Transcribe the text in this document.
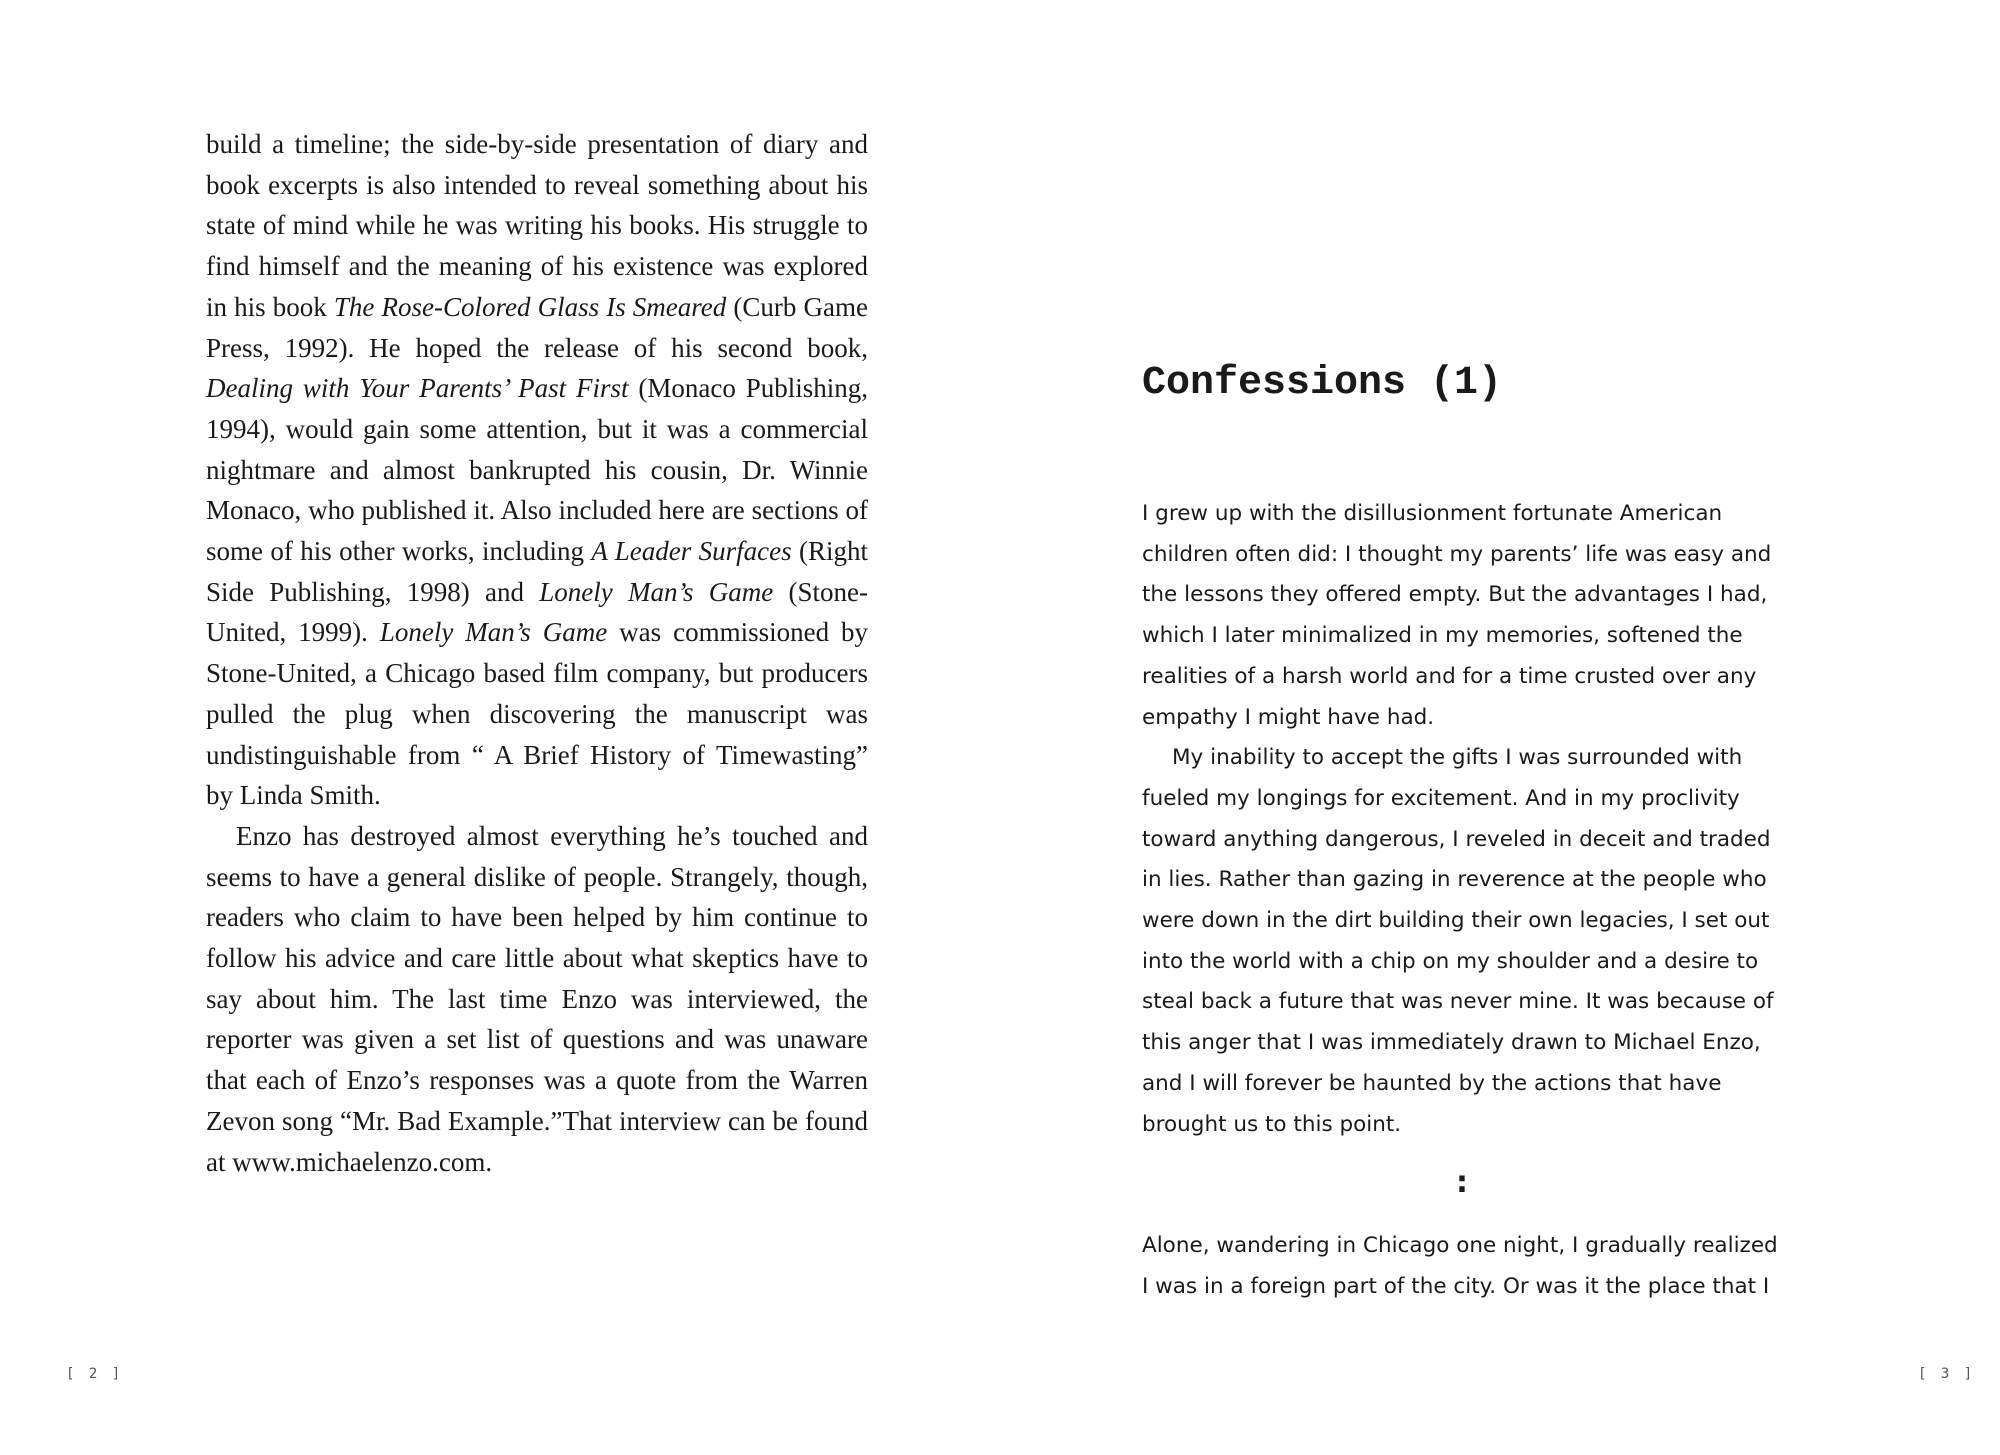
build a timeline; the side-by-side presentation of diary and book excerpts is also intended to reveal something about his state of mind while he was writing his books. His struggle to find himself and the meaning of his existence was explored in his book The Rose-Colored Glass Is Smeared (Curb Game Press, 1992). He hoped the release of his second book, Dealing with Your Parents’ Past First (Monaco Publishing, 1994), would gain some attention, but it was a commercial nightmare and almost bankrupted his cousin, Dr. Winnie Monaco, who published it. Also included here are sections of some of his other works, including A Leader Surfaces (Right Side Publishing, 1998) and Lonely Man’s Game (Stone-United, 1999). Lonely Man’s Game was commissioned by Stone-United, a Chicago based film company, but producers pulled the plug when discovering the manuscript was undistinguishable from “ A Brief History of Timewasting” by Linda Smith.

Enzo has destroyed almost everything he’s touched and seems to have a general dislike of people. Strangely, though, readers who claim to have been helped by him continue to follow his advice and care little about what skeptics have to say about him. The last time Enzo was interviewed, the reporter was given a set list of questions and was unaware that each of Enzo’s responses was a quote from the Warren Zevon song “Mr. Bad Example.”That interview can be found at www.michaelenzo.com.

[ 2 ]
Confessions (1)

I grew up with the disillusionment fortunate American children often did: I thought my parents’ life was easy and the lessons they offered empty. But the advantages I had, which I later minimalized in my memories, softened the realities of a harsh world and for a time crusted over any empathy I might have had.

My inability to accept the gifts I was surrounded with fueled my longings for excitement. And in my proclivity toward anything dangerous, I reveled in deceit and traded in lies. Rather than gazing in reverence at the people who were down in the dirt building their own legacies, I set out into the world with a chip on my shoulder and a desire to steal back a future that was never mine. It was because of this anger that I was immediately drawn to Michael Enzo, and I will forever be haunted by the actions that have brought us to this point.

:

Alone, wandering in Chicago one night, I gradually realized I was in a foreign part of the city. Or was it the place that I

[ 3 ]
